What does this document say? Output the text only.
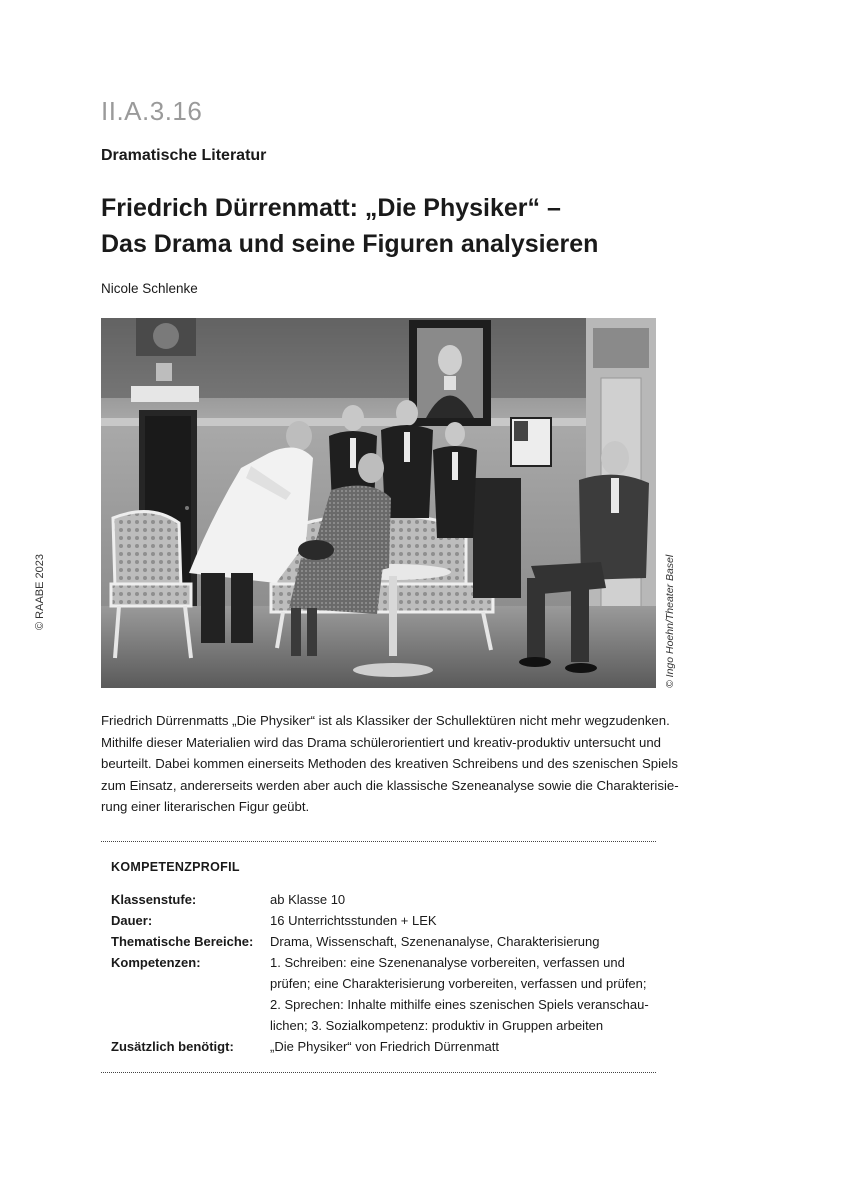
II.A.3.16
Dramatische Literatur
Friedrich Dürrenmatt: „Die Physiker“ –
Das Drama und seine Figuren analysieren
Nicole Schlenke
© RAABE 2023	© Ingo Hoehn/Theater Basel

Friedrich Dürrenmatts „Die Physiker“ ist als Klassiker der Schullektüren nicht mehr wegzudenken.
Mithilfe dieser Materialien wird das Drama schülerorientiert und kreativ-produktiv untersucht und
beurteilt. Dabei kommen einerseits Methoden des kreativen Schreibens und des szenischen Spiels
zum Einsatz, andererseits werden aber auch die klassische Szeneanalyse sowie die Charakterisie-
rung einer literarischen Figur geübt.

KOMPETENZPROFIL
Klassenstufe:	ab Klasse 10
Dauer:	16 Unterrichtsstunden + LEK
Thematische Bereiche:	Drama, Wissenschaft, Szenenanalyse, Charakterisierung
Kompetenzen:	1. Schreiben: eine Szenenanalyse vorbereiten, verfassen und
prüfen; eine Charakterisierung vorbereiten, verfassen und prüfen;
2. Sprechen: Inhalte mithilfe eines szenischen Spiels veranschau-
lichen; 3. Sozialkompetenz: produktiv in Gruppen arbeiten
Zusätzlich benötigt:	„Die Physiker“ von Friedrich Dürrenmatt
